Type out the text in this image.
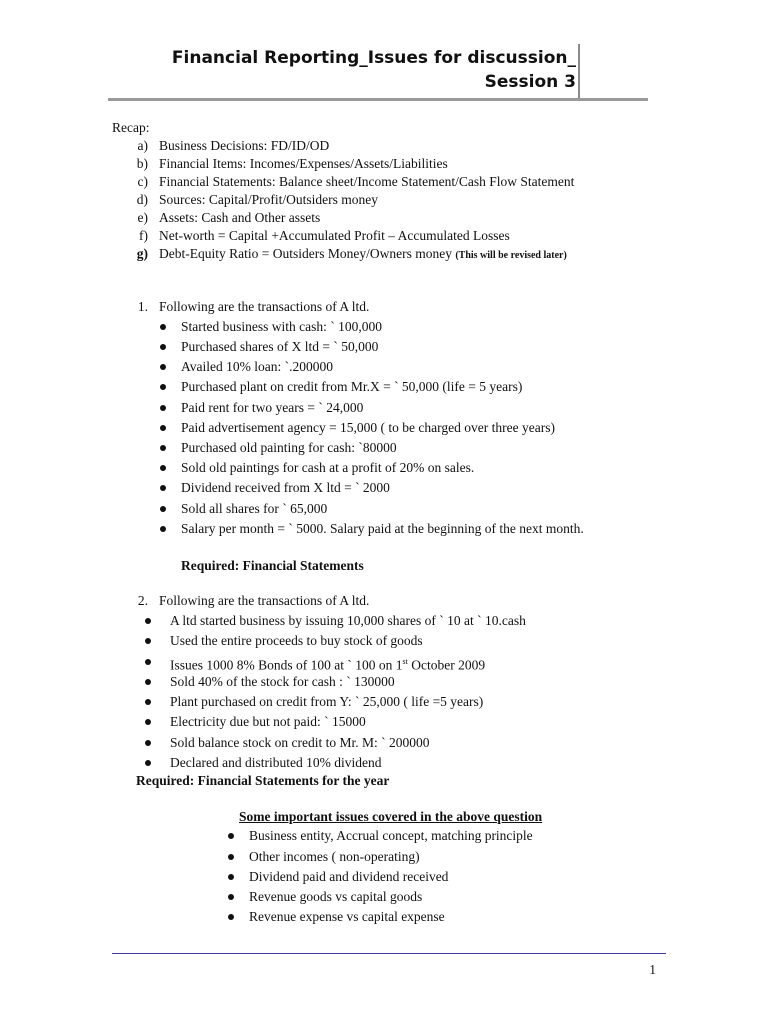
Financial Reporting_Issues for discussion_
Session 3
Recap:
a) Business Decisions: FD/ID/OD
b) Financial Items: Incomes/Expenses/Assets/Liabilities
c) Financial Statements: Balance sheet/Income Statement/Cash Flow Statement
d) Sources: Capital/Profit/Outsiders money
e) Assets: Cash and Other assets
f) Net-worth = Capital +Accumulated Profit – Accumulated Losses
g) Debt-Equity Ratio = Outsiders Money/Owners money (This will be revised later)
1. Following are the transactions of A ltd.
Started business with cash: ` 100,000
Purchased shares of X ltd = ` 50,000
Availed 10% loan: `.200000
Purchased plant on credit from Mr.X = ` 50,000 (life = 5 years)
Paid rent for two years = ` 24,000
Paid advertisement agency = 15,000 ( to be charged over three years)
Purchased old painting for cash: `80000
Sold old paintings for cash at a profit of 20% on sales.
Dividend received from X ltd = ` 2000
Sold all shares for ` 65,000
Salary per month = ` 5000. Salary paid at the beginning of the next month.
Required: Financial Statements
2. Following are the transactions of A ltd.
A ltd started business by issuing 10,000 shares of ` 10 at ` 10.cash
Used the entire proceeds to buy stock of goods
Issues 1000 8% Bonds of 100 at ` 100 on 1st October 2009
Sold 40% of the stock for cash : ` 130000
Plant purchased on credit from Y: ` 25,000 ( life =5 years)
Electricity due but not paid: ` 15000
Sold balance stock on credit to Mr. M: ` 200000
Declared and distributed 10% dividend
Required: Financial Statements for the year
Some important issues covered in the above question
Business entity, Accrual concept, matching principle
Other incomes ( non-operating)
Dividend paid and dividend received
Revenue goods vs capital goods
Revenue expense vs capital expense
1
